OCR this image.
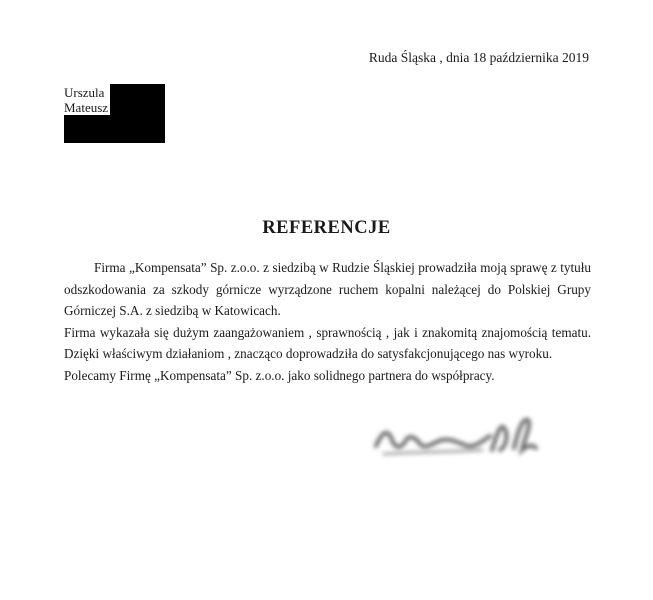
Ruda Śląska , dnia 18 października 2019
Urszula
Mateusz
REFERENCJE

Firma „Kompensata” Sp. z.o.o. z siedzibą w Rudzie Śląskiej prowadziła moją sprawę z tytułu odszkodowania za szkody górnicze wyrządzone ruchem kopalni należącej do Polskiej Grupy Górniczej S.A. z siedzibą w Katowicach.

Firma wykazała się dużym zaangażowaniem , sprawnością , jak i znakomitą znajomością tematu. Dzięki właściwym działaniom , znacząco doprowadziła do satysfakcjonującego nas wyroku.

Polecamy Firmę „Kompensata” Sp. z.o.o. jako solidnego partnera do współpracy.
